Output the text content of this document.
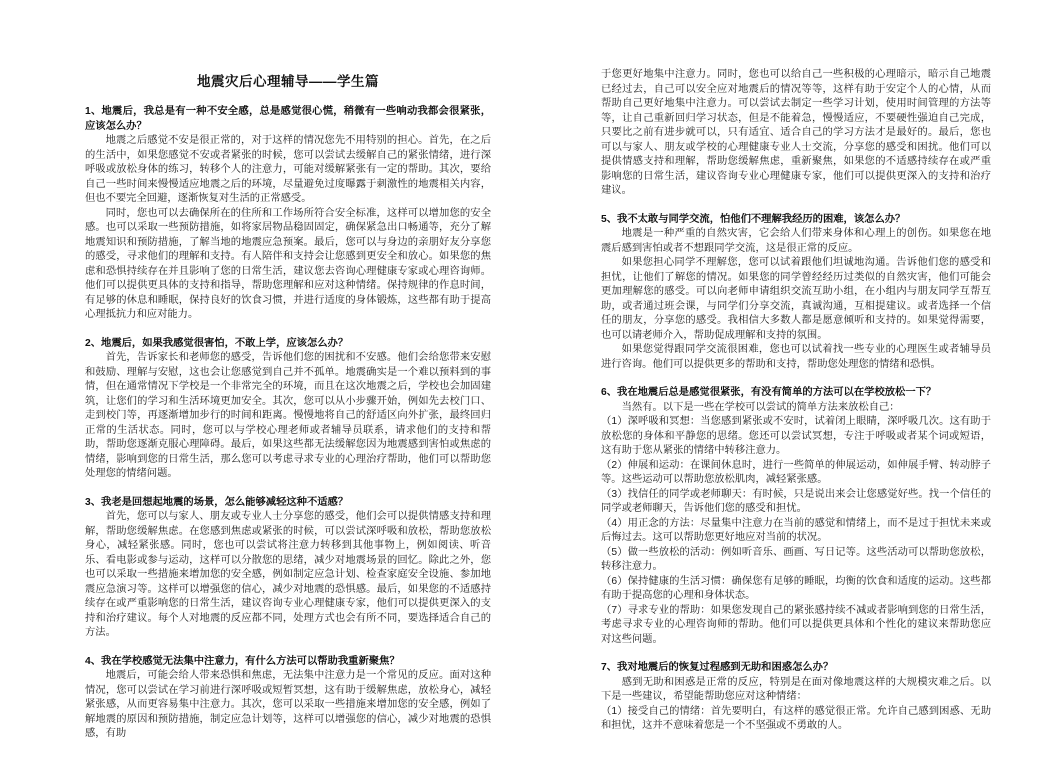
地震灾后心理辅导——学生篇
1、地震后，我总是有一种不安全感，总是感觉很心慌，稍微有一些响动我都会很紧张，应该怎么办？

地震之后感觉不安是很正常的，对于这样的情况您先不用特别的担心。首先，在之后的生活中，如果您感觉不安或者紧张的时候，您可以尝试去缓解自己的紧张情绪，进行深呼吸或放松身体的练习，转移个人的注意力，可能对缓解紧张有一定的帮助。其次，要给自己一些时间来慢慢适应地震之后的环境，尽量避免过度曝露于刺激性的地震相关内容，但也不要完全回避，逐渐恢复对生活的正常感受。

同时，您也可以去确保所在的住所和工作场所符合安全标准，这样可以增加您的安全感。也可以采取一些预防措施，如将家居物品稳固固定，确保紧急出口畅通等，充分了解地震知识和预防措施，了解当地的地震应急预案。最后，您可以与身边的亲朋好友分享您的感受，寻求他们的理解和支持。有人陪伴和支持会让您感到更安全和放心。如果您的焦虑和恐惧持续存在并且影响了您的日常生活，建议您去咨询心理健康专家或心理咨询师。他们可以提供更具体的支持和指导，帮助您理解和应对这种情绪。保持规律的作息时间，有足够的休息和睡眠，保持良好的饮食习惯，并进行适度的身体锻炼，这些都有助于提高心理抵抗力和应对能力。

2、地震后，如果我感觉很害怕，不敢上学，应该怎么办？

首先，告诉家长和老师您的感受，告诉他们您的困扰和不安感。他们会给您带来安慰和鼓励、理解与安慰，这也会让您感觉到自己并不孤单。地震确实是一个难以预料到的事情，但在通常情况下学校是一个非常完全的环境，而且在这次地震之后，学校也会加固建筑，让您们的学习和生活环境更加安全。其次，您可以从小步骤开始，例如先去校门口、走到校门等，再逐渐增加步行的时间和距离。慢慢地将自己的舒适区向外扩张，最终回归正常的生活状态。同时，您可以与学校心理老师或者辅导员联系，请求他们的支持和帮助，帮助您逐渐克服心理障碍。最后，如果这些都无法缓解您因为地震感到害怕或焦虑的情绪，影响到您的日常生活，那么您可以考虑寻求专业的心理治疗帮助，他们可以帮助您处理您的情绪问题。

3、我老是回想起地震的场景，怎么能够减轻这种不适感？

首先，您可以与家人、朋友或专业人士分享您的感受，他们会可以提供情感支持和理解，帮助您缓解焦虑。在您感到焦虑或紧张的时候，可以尝试深呼吸和放松，帮助您放松身心，减轻紧张感。同时，您也可以尝试将注意力转移到其他事物上，例如阅读、听音乐、看电影或参与运动，这样可以分散您的思绪，减少对地震场景的回忆。除此之外，您也可以采取一些措施来增加您的安全感，例如制定应急计划、检查家庭安全设施、参加地震应急演习等。这样可以增强您的信心，减少对地震的恐惧感。最后，如果您的不适感持续存在或严重影响您的日常生活，建议咨询专业心理健康专家，他们可以提供更深入的支持和治疗建议。每个人对地震的反应都不同，处理方式也会有所不同，要选择适合自己的方法。

4、我在学校感觉无法集中注意力，有什么方法可以帮助我重新聚焦？

地震后，可能会给人带来恐惧和焦虑，无法集中注意力是一个常见的反应。面对这种情况，您可以尝试在学习前进行深呼吸或短暂冥想，这有助于缓解焦虑，放松身心，减轻紧张感，从而更容易集中注意力。其次，您可以采取一些措施来增加您的安全感，例如了解地震的原因和预防措施，制定应急计划等，这样可以增强您的信心，减少对地震的恐惧感，有助

于您更好地集中注意力。同时，您也可以给自己一些积极的心理暗示，暗示自己地震已经过去，自己可以安全应对地震后的情况等等，这样有助于安定个人的心情，从而帮助自己更好地集中注意力。可以尝试去制定一些学习计划，使用时间管理的方法等等，让自己重新回归学习状态，但是不能着急，慢慢适应，不要硬性强迫自己完成，只要比之前有进步就可以，只有适宜、适合自己的学习方法才是最好的。最后，您也可以与家人、朋友或学校的心理健康专业人士交流，分享您的感受和困扰。他们可以提供情感支持和理解，帮助您缓解焦虑，重新聚焦，如果您的不适感持续存在或严重影响您的日常生活，建议咨询专业心理健康专家，他们可以提供更深入的支持和治疗建议。

5、我不太敢与同学交流，怕他们不理解我经历的困难，该怎么办？

地震是一种严重的自然灾害，它会给人们带来身体和心理上的创伤。如果您在地震后感到害怕或者不想跟同学交流，这是很正常的反应。

如果您担心同学不理解您，您可以试着跟他们坦诚地沟通。告诉他们您的感受和担忧，让他们了解您的情况。如果您的同学曾经经历过类似的自然灾害，他们可能会更加理解您的感受。可以向老师申请组织交流互助小组，在小组内与朋友同学互帮互助，或者通过班会课，与同学们分享交流，真诚沟通，互相提建议。或者选择一个信任的朋友，分享您的感受。我相信大多数人都是愿意倾听和支持的。如果觉得需要，也可以请老师介入，帮助促成理解和支持的氛围。

如果您觉得跟同学交流很困难，您也可以试着找一些专业的心理医生或者辅导员进行咨询。他们可以提供更多的帮助和支持，帮助您处理您的情绪和恐惧。

6、我在地震后总是感觉很紧张，有没有简单的方法可以在学校放松一下？

当然有。以下是一些在学校可以尝试的简单方法来放松自己：

（1）深呼吸和冥想：当您感到紧张或不安时，试着闭上眼睛，深呼吸几次。这有助于放松您的身体和平静您的思绪。您还可以尝试冥想，专注于呼吸或者某个词或短语，这有助于您从紧张的情绪中转移注意力。

（2）伸展和运动：在课间休息时，进行一些简单的伸展运动，如伸展手臂、转动脖子等。这些运动可以帮助您放松肌肉，减轻紧张感。

（3）找信任的同学或老师聊天：有时候，只是说出来会让您感觉好些。找一个信任的同学或老师聊天，告诉他们您的感受和担忧。

（4）用正念的方法：尽量集中注意力在当前的感觉和情绪上，而不是过于担忧未来或后悔过去。这可以帮助您更好地应对当前的状况。

（5）做一些放松的活动：例如听音乐、画画、写日记等。这些活动可以帮助您放松，转移注意力。

（6）保持健康的生活习惯：确保您有足够的睡眠，均衡的饮食和适度的运动。这些都有助于提高您的心理和身体状态。

（7）寻求专业的帮助：如果您发现自己的紧张感持续不减或者影响到您的日常生活，考虑寻求专业的心理咨询师的帮助。他们可以提供更具体和个性化的建议来帮助您应对这些问题。

7、我对地震后的恢复过程感到无助和困惑怎么办？

感到无助和困惑是正常的反应，特别是在面对像地震这样的大规模灾难之后。以下是一些建议，希望能帮助您应对这种情绪：

（1）接受自己的情绪：首先要明白，有这样的感觉很正常。允许自己感到困惑、无助和担忧，这并不意味着您是一个不坚强或不勇敢的人。
